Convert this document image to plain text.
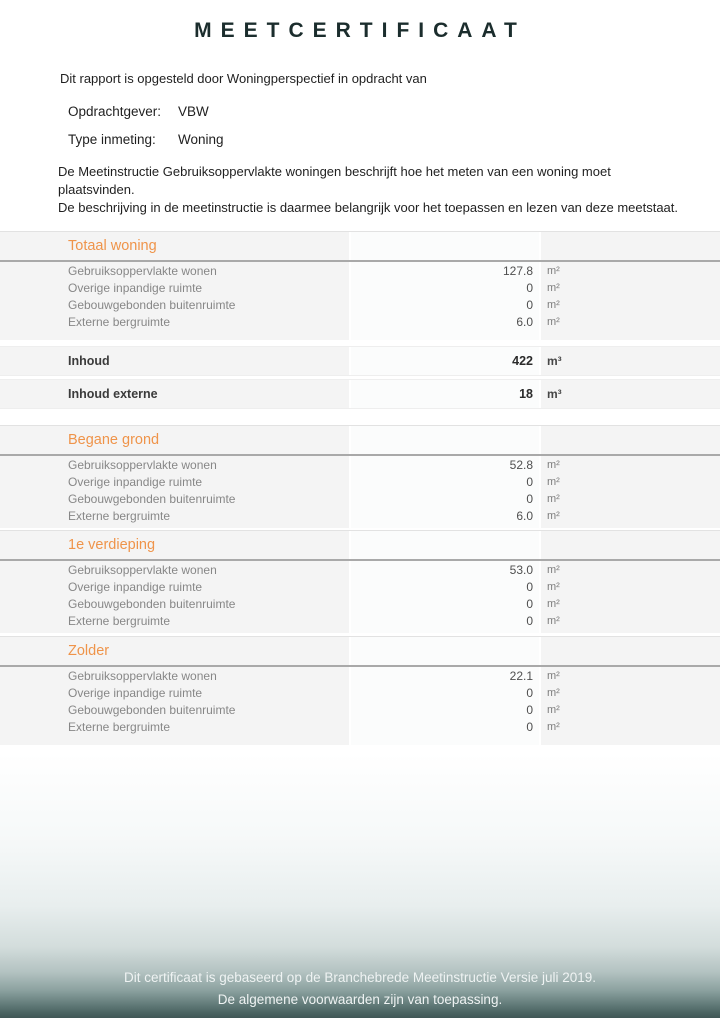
MEETCERTIFICAAT
Dit rapport is opgesteld door Woningperspectief in opdracht van
Opdrachtgever:	VBW
Type inmeting:	Woning
De Meetinstructie Gebruiksoppervlakte woningen beschrijft hoe het meten van een woning moet plaatsvinden.
De beschrijving in de meetinstructie is daarmee belangrijk voor het toepassen en lezen van deze meetstaat.
Totaal woning
Gebruiksoppervlakte wonen	127.8	m²
Overige inpandige ruimte	0	m²
Gebouwgebonden buitenruimte	0	m²
Externe bergruimte	6.0	m²
Inhoud	422	m³
Inhoud externe	18	m³
Begane grond
Gebruiksoppervlakte wonen	52.8	m²
Overige inpandige ruimte	0	m²
Gebouwgebonden buitenruimte	0	m²
Externe bergruimte	6.0	m²
1e verdieping
Gebruiksoppervlakte wonen	53.0	m²
Overige inpandige ruimte	0	m²
Gebouwgebonden buitenruimte	0	m²
Externe bergruimte	0	m²
Zolder
Gebruiksoppervlakte wonen	22.1	m²
Overige inpandige ruimte	0	m²
Gebouwgebonden buitenruimte	0	m²
Externe bergruimte	0	m²
Dit certificaat is gebaseerd op de Branchebrede Meetinstructie Versie juli 2019.
De algemene voorwaarden zijn van toepassing.
